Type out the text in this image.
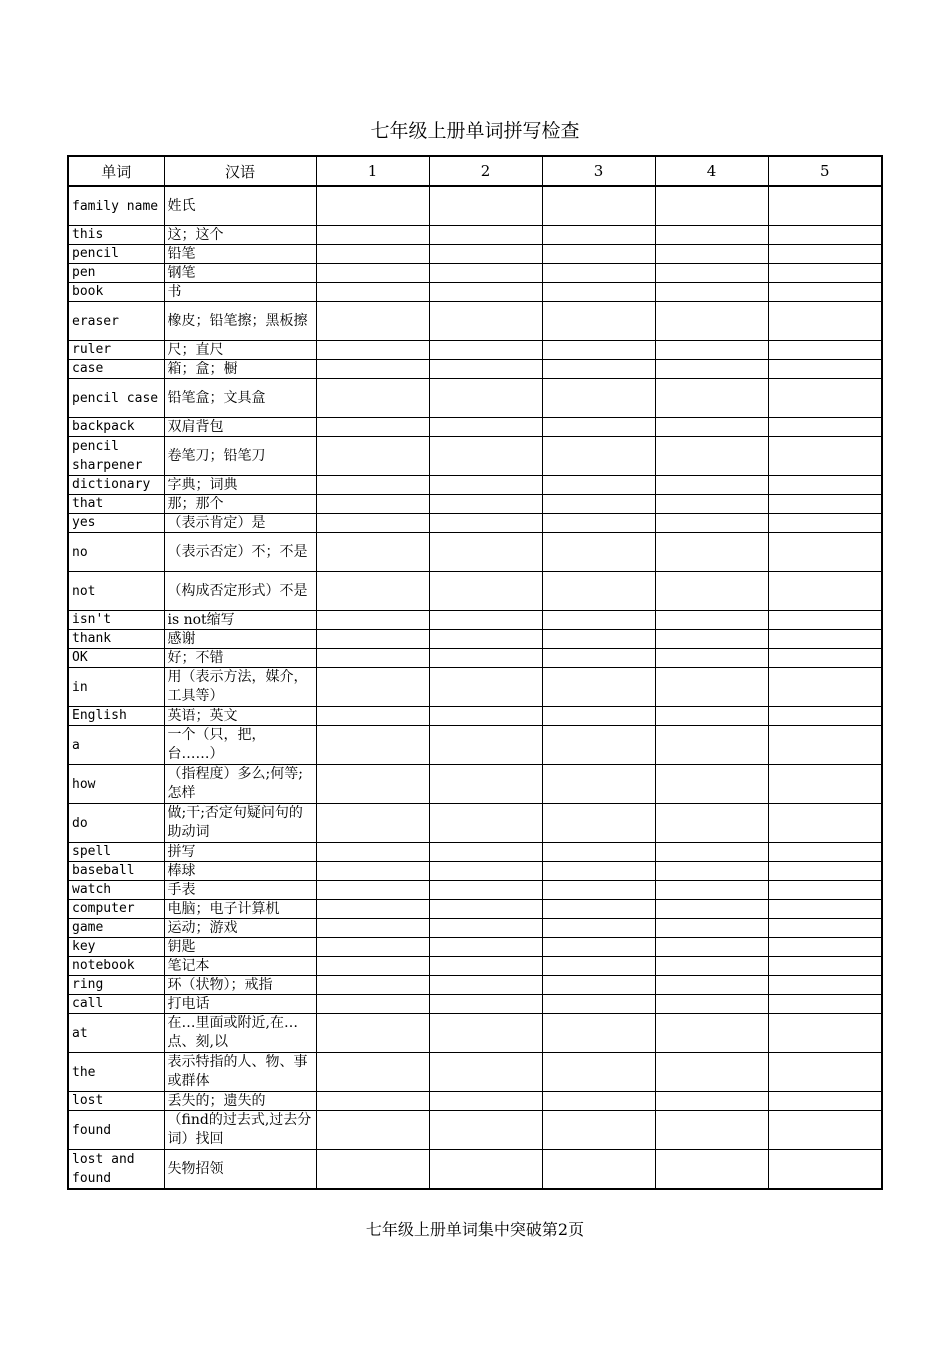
七年级上册单词拼写检查
单词	汉语	1	2	3	4	5
family name	姓氏					
this	这；这个					
pencil	铅笔					
pen	钢笔					
book	书					
eraser	橡皮；铅笔擦；黑板擦					
ruler	尺；直尺					
case	箱；盒；橱					
pencil case	铅笔盒；文具盒					
backpack	双肩背包					
pencil sharpener	卷笔刀；铅笔刀					
dictionary	字典；词典					
that	那；那个					
yes	（表示肯定）是					
no	（表示否定）不；不是					
not	（构成否定形式）不是					
isn't	is not缩写					
thank	感谢					
OK	好；不错					
in	用（表示方法，媒介，工具等）					
English	英语；英文					
a	一个（只，把，台……）					
how	（指程度）多么;何等;怎样					
do	做;干;否定句疑问句的助动词					
spell	拼写					
baseball	棒球					
watch	手表					
computer	电脑；电子计算机					
game	运动；游戏					
key	钥匙					
notebook	笔记本					
ring	环（状物）；戒指					
call	打电话					
at	在…里面或附近,在…点、刻,以					
the	表示特指的人、物、事或群体					
lost	丢失的；遗失的					
found	（find的过去式,过去分词）找回					
lost and found	失物招领					
七年级上册单词集中突破第2页
